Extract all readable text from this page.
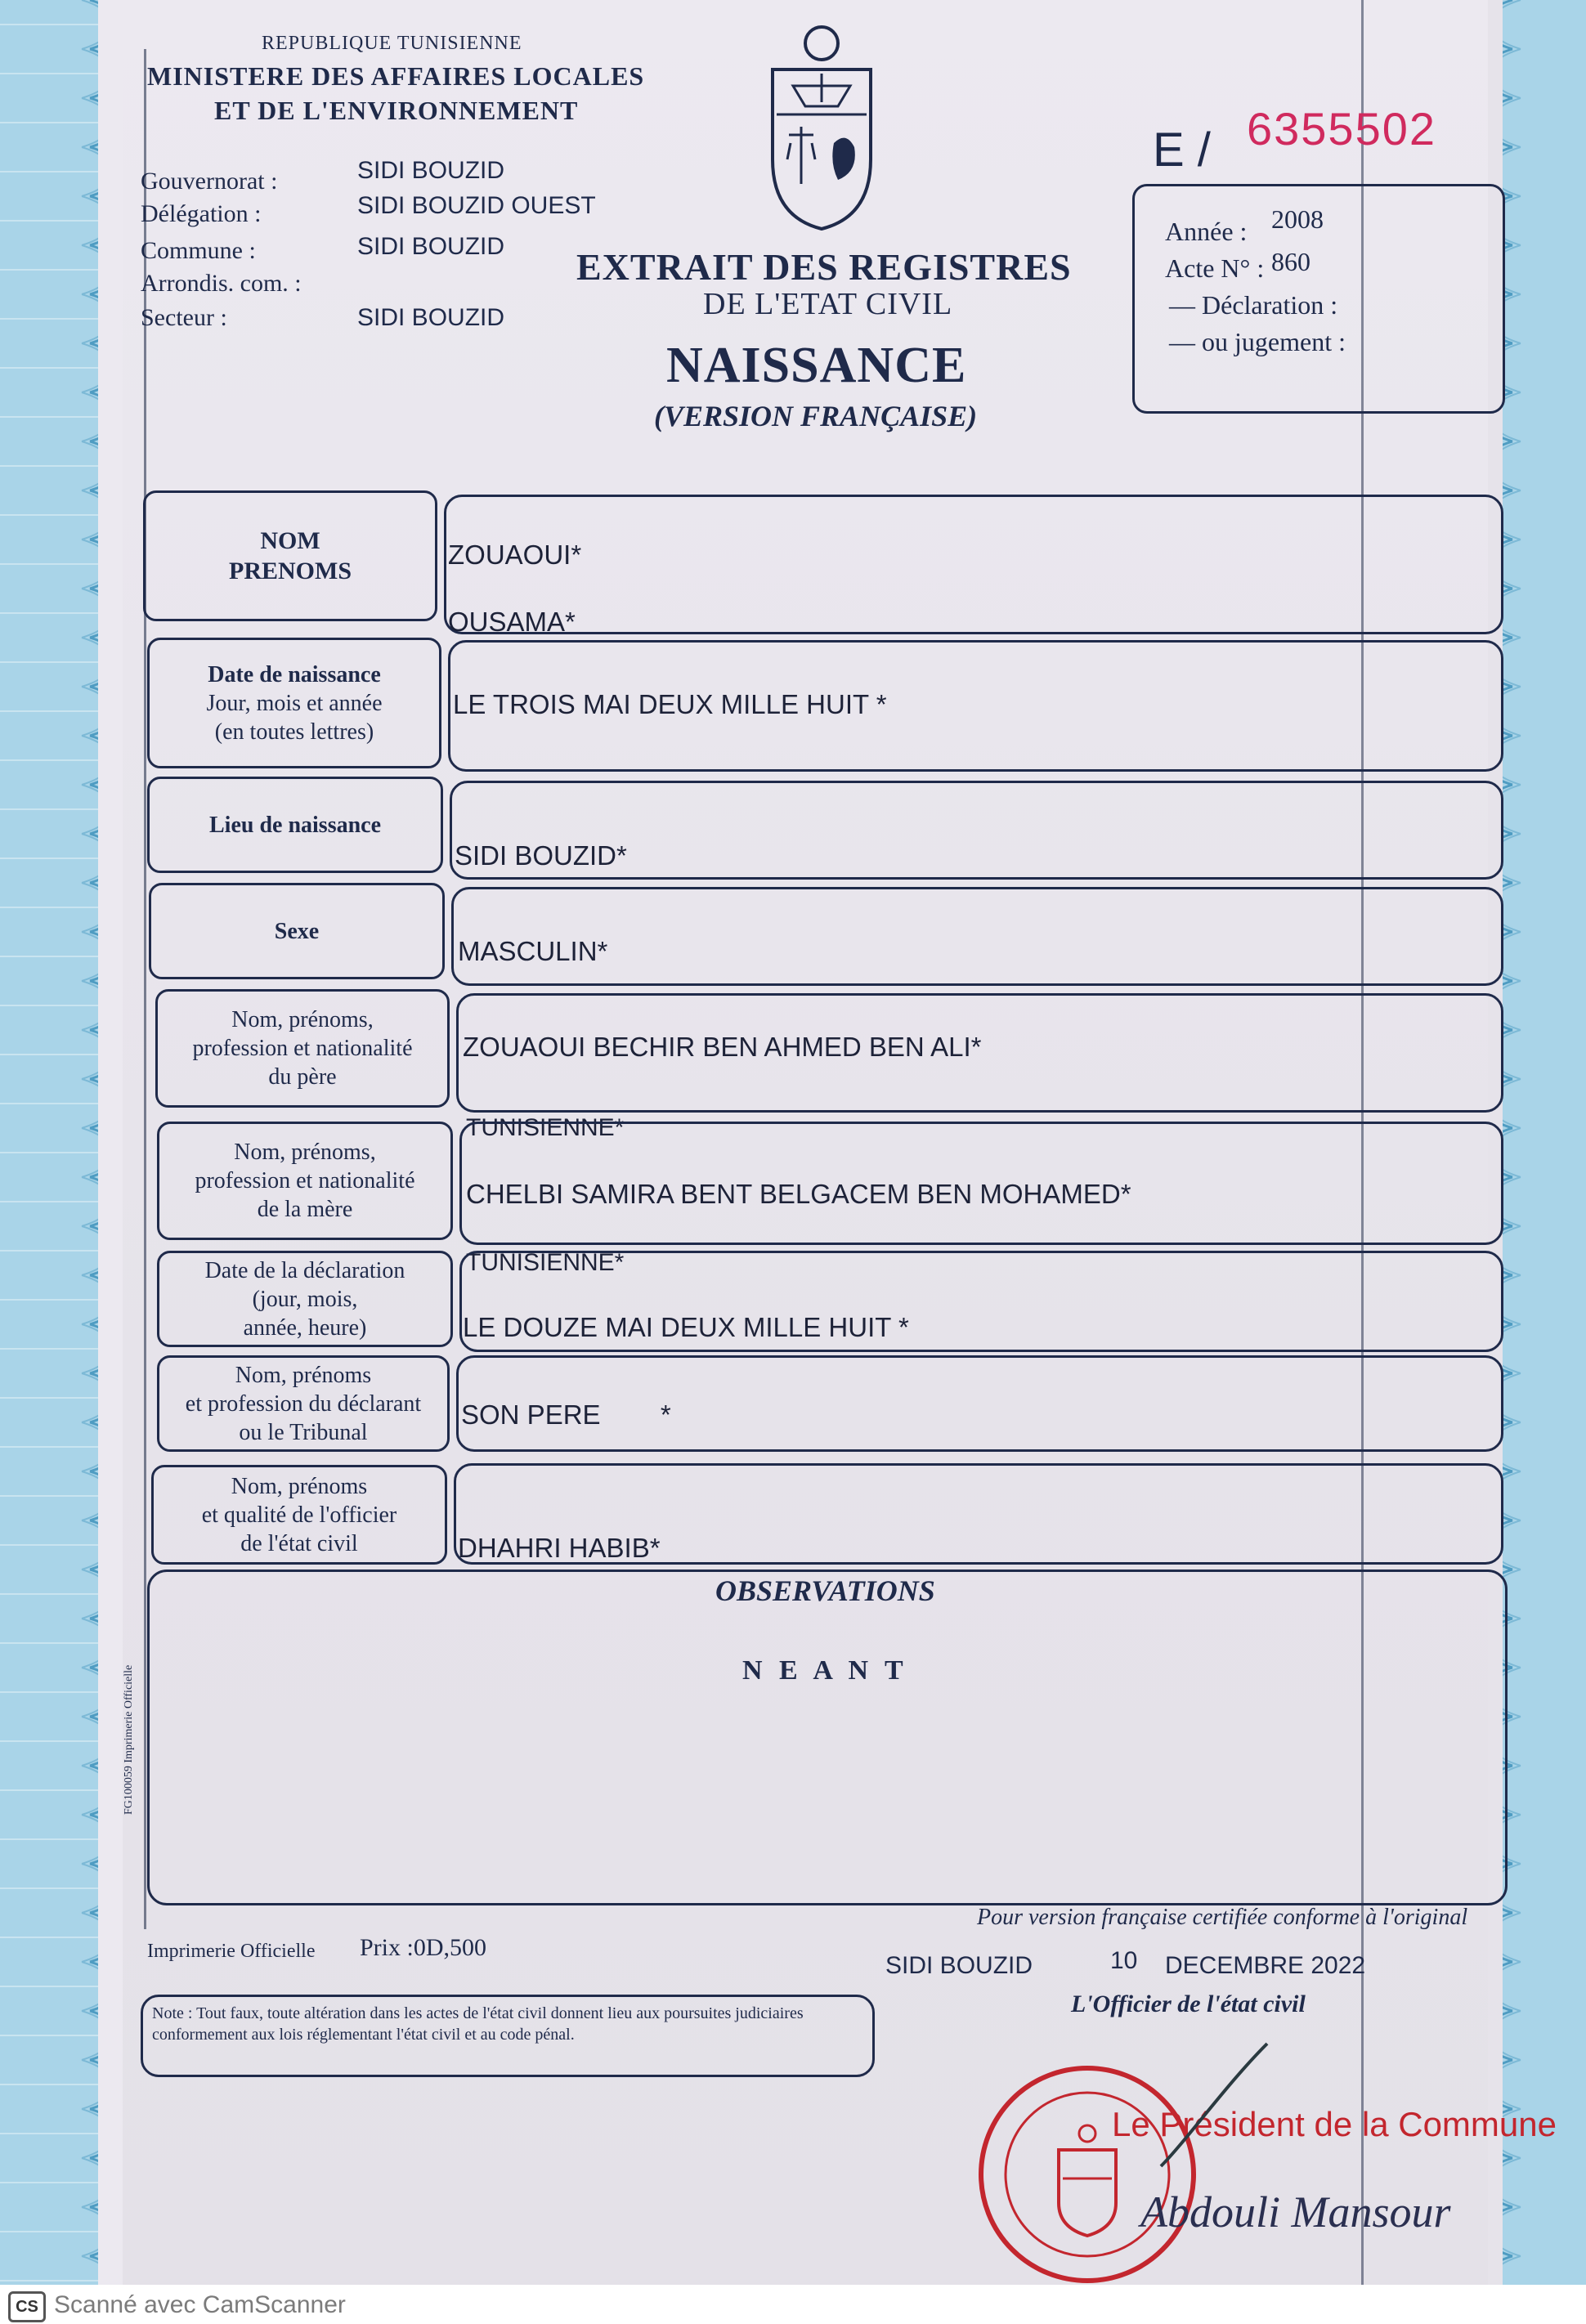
REPUBLIQUE TUNISIENNE
MINISTERE DES AFFAIRES LOCALES
ET DE L'ENVIRONNEMENT
E / 6355502
Gouvernorat :	SIDI BOUZID
Délégation :	SIDI BOUZID OUEST
Commune :	SIDI BOUZID
Arrondis. com. :
Secteur :	SIDI BOUZID
EXTRAIT DES REGISTRES
DE L'ETAT CIVIL
NAISSANCE
(VERSION FRANÇAISE)
Année : 2008
Acte N° : 860
— Déclaration :
— ou jugement :
NOM
PRENOMS
ZOUAOUI*
OUSAMA*
Date de naissance
Jour, mois et année
(en toutes lettres)
LE TROIS MAI DEUX MILLE HUIT *
Lieu de naissance
SIDI BOUZID*
Sexe
MASCULIN*
Nom, prénoms,
profession et nationalité
du père
ZOUAOUI BECHIR BEN AHMED BEN ALI*
TUNISIENNE*
Nom, prénoms,
profession et nationalité
de la mère
CHELBI SAMIRA BENT BELGACEM BEN MOHAMED*
TUNISIENNE*
Date de la déclaration
(jour, mois,
année, heure)	LE DOUZE MAI DEUX MILLE HUIT *
Nom, prénoms
et profession du déclarant
ou le Tribunal
SON PERE        *
Nom, prénoms
et qualité de l'officier
de l'état civil	DHAHRI HABIB*
OBSERVATIONS
N E A N T
FG100059 Imprimerie Officielle
Imprimerie Officielle Prix :0D,500
Note : Tout faux, toute altération dans les actes de l'état civil donnent lieu aux poursuites judiciaires conformement aux lois réglementant l'état civil et au code pénal.
Pour version française certifiée conforme à l'original
SIDI BOUZID	10 DECEMBRE 2022
L'Officier de l'état civil
Le Président de la Commune
Abdouli Mansour
CS Scanné avec CamScanner
